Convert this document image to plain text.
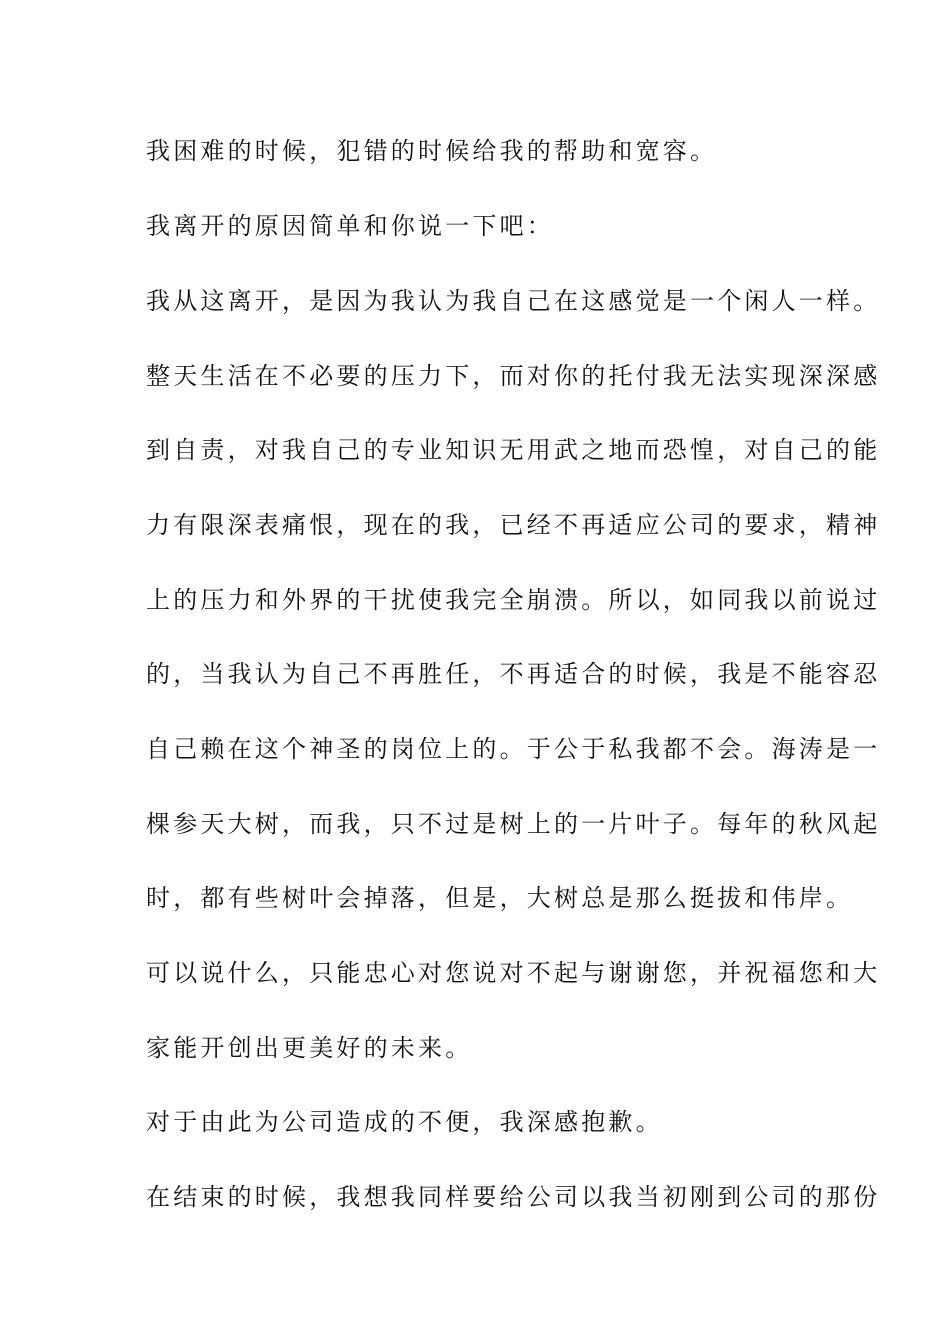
我困难的时候，犯错的时候给我的帮助和宽容。
我离开的原因简单和你说一下吧：
我从这离开，是因为我认为我自己在这感觉是一个闲人一样。
整天生活在不必要的压力下，而对你的托付我无法实现深深感
到自责，对我自己的专业知识无用武之地而恐惶，对自己的能
力有限深表痛恨，现在的我，已经不再适应公司的要求，精神
上的压力和外界的干扰使我完全崩溃。所以，如同我以前说过
的，当我认为自己不再胜任，不再适合的时候，我是不能容忍
自己赖在这个神圣的岗位上的。于公于私我都不会。海涛是一
棵参天大树，而我，只不过是树上的一片叶子。每年的秋风起
时，都有些树叶会掉落，但是，大树总是那么挺拔和伟岸。
可以说什么，只能忠心对您说对不起与谢谢您，并祝福您和大
家能开创出更美好的未来。
对于由此为公司造成的不便，我深感抱歉。
在结束的时候，我想我同样要给公司以我当初刚到公司的那份
